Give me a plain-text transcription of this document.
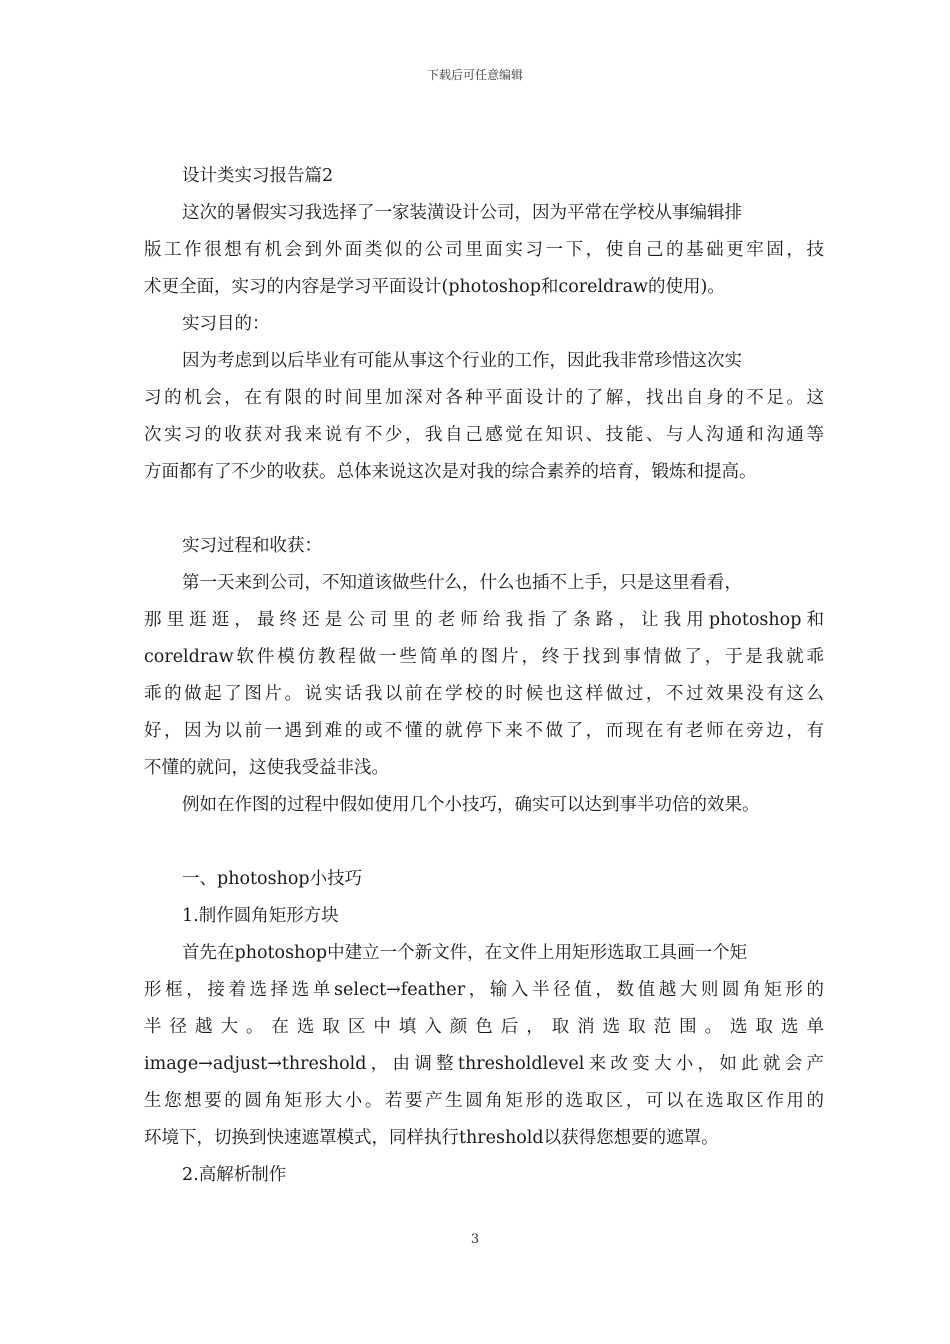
下载后可任意编辑
设计类实习报告篇2
这次的暑假实习我选择了一家装潢设计公司，因为平常在学校从事编辑排
版工作很想有机会到外面类似的公司里面实习一下，使自己的基础更牢固，技
术更全面，实习的内容是学习平面设计(photoshop和coreldraw的使用)。
实习目的：
因为考虑到以后毕业有可能从事这个行业的工作，因此我非常珍惜这次实
习的机会，在有限的时间里加深对各种平面设计的了解，找出自身的不足。这
次实习的收获对我来说有不少，我自己感觉在知识、技能、与人沟通和沟通等
方面都有了不少的收获。总体来说这次是对我的综合素养的培育，锻炼和提高。
实习过程和收获：
第一天来到公司，不知道该做些什么，什么也插不上手，只是这里看看，
那里逛逛，最终还是公司里的老师给我指了条路，让我用photoshop和
coreldraw软件模仿教程做一些简单的图片，终于找到事情做了，于是我就乖
乖的做起了图片。说实话我以前在学校的时候也这样做过，不过效果没有这么
好，因为以前一遇到难的或不懂的就停下来不做了，而现在有老师在旁边，有
不懂的就问，这使我受益非浅。
例如在作图的过程中假如使用几个小技巧，确实可以达到事半功倍的效果。
一、photoshop小技巧
1.制作圆角矩形方块
首先在photoshop中建立一个新文件，在文件上用矩形选取工具画一个矩
形框，接着选择选单select→feather，输入半径值，数值越大则圆角矩形的
半径越大。在选取区中填入颜色后，取消选取范围。选取选单
image→adjust→threshold，由调整thresholdlevel来改变大小，如此就会产
生您想要的圆角矩形大小。若要产生圆角矩形的选取区，可以在选取区作用的
环境下，切换到快速遮罩模式，同样执行threshold以获得您想要的遮罩。
2.高解析制作
3
